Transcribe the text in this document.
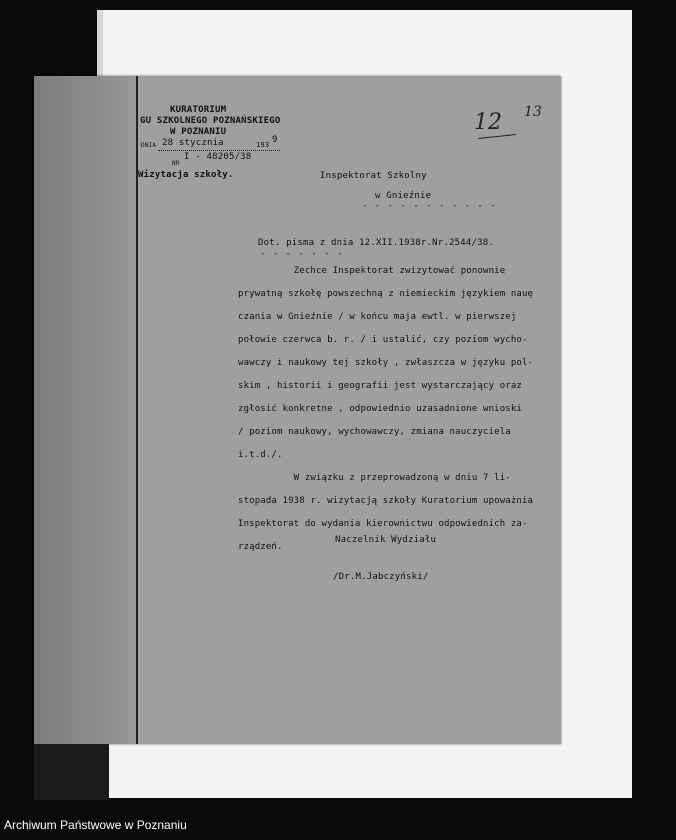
KURATORIUM
GU SZKOLNEGO POZNAŃSKIEGO
W POZNANIU
DNIA 28 stycznia	193 9
NR
I - 48205/38
Wizytacja szkoły.	Inspektorat Szkolny
w Gnieźnie
- - - - - - - - - - -
12 13
Dot. pisma z dnia 12.XII.1938r.Nr.2544/38.
- - - - - - -
Zechce Inspektorat zwizytować ponownie
prywatną szkołę powszechną z niemieckim językiem nauę
czania w Gnieźnie / w końcu maja ewtl. w pierwszej
połowie czerwca b. r. / i ustalić, czy poziom wycho-
wawczy i naukowy tej szkoły , zwłaszcza w języku pol-
skim , historii i geografii jest wystarczający oraz
zgłosić konkretne , odpowiednio uzasadnione wnioski
/ poziom naukowy, wychowawczy, zmiana nauczyciela
i.t.d./.
W związku z przeprowadzoną w dniu 7 li-
stopada 1938 r. wizytacją szkoły Kuratorium upoważnia
Inspektorat do wydania kierownictwu odpowiednich za-
rządzeń.
Naczelnik Wydziału
/Dr.M.Jabczyński/
Archiwum Państwowe w Poznaniu
